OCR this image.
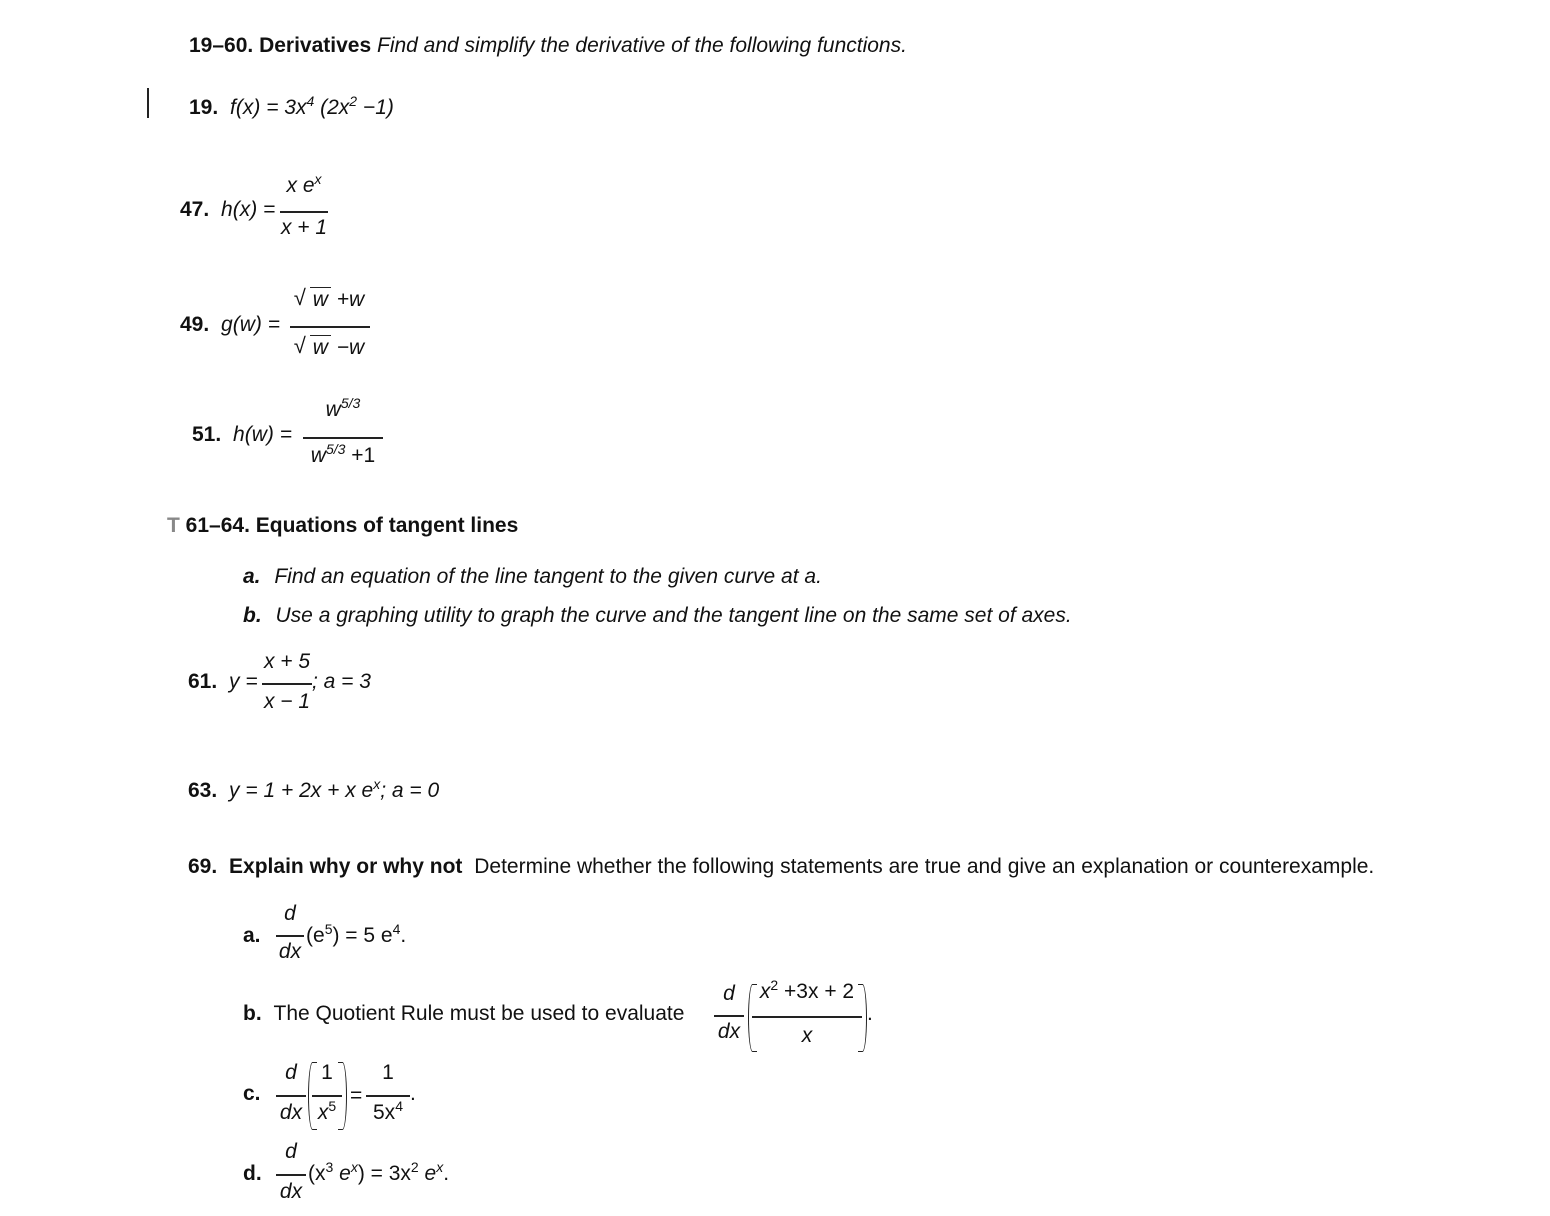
19–60. Derivatives Find and simplify the derivative of the following functions.
19. $f(x) = 3x^4$ $(2x^2 -1)$
47. h(x) =
x $e^x$
x + 1
49. g(w) =
√ w +w
√ w −w
51. h(w) =
$w^{5/3}$
$w^{5/3} +1$
T 61–64. Equations of tangent lines
a. Find an equation of the line tangent to the given curve at a.
b. Use a graphing utility to graph the curve and the tangent line on the same set of axes.
61. y =
x + 5
x − 1
; a = 3
63. y = 1 + 2x + x $e^x$; a = 0
69. Explain why or why not Determine whether the following statements are true and give an explanation or counterexample.
a.
d
dx
$(e^5) = 5$ $e^4$.
b. The Quotient Rule must be used to evaluate
d
dx
$x^2 +3x + 2$
x
.
c.
d
dx
1
$x^5$ =
1
$5x^4$
.
d.
d
dx
($x^3$ $e^x) = 3x^2$ $e^x$.
